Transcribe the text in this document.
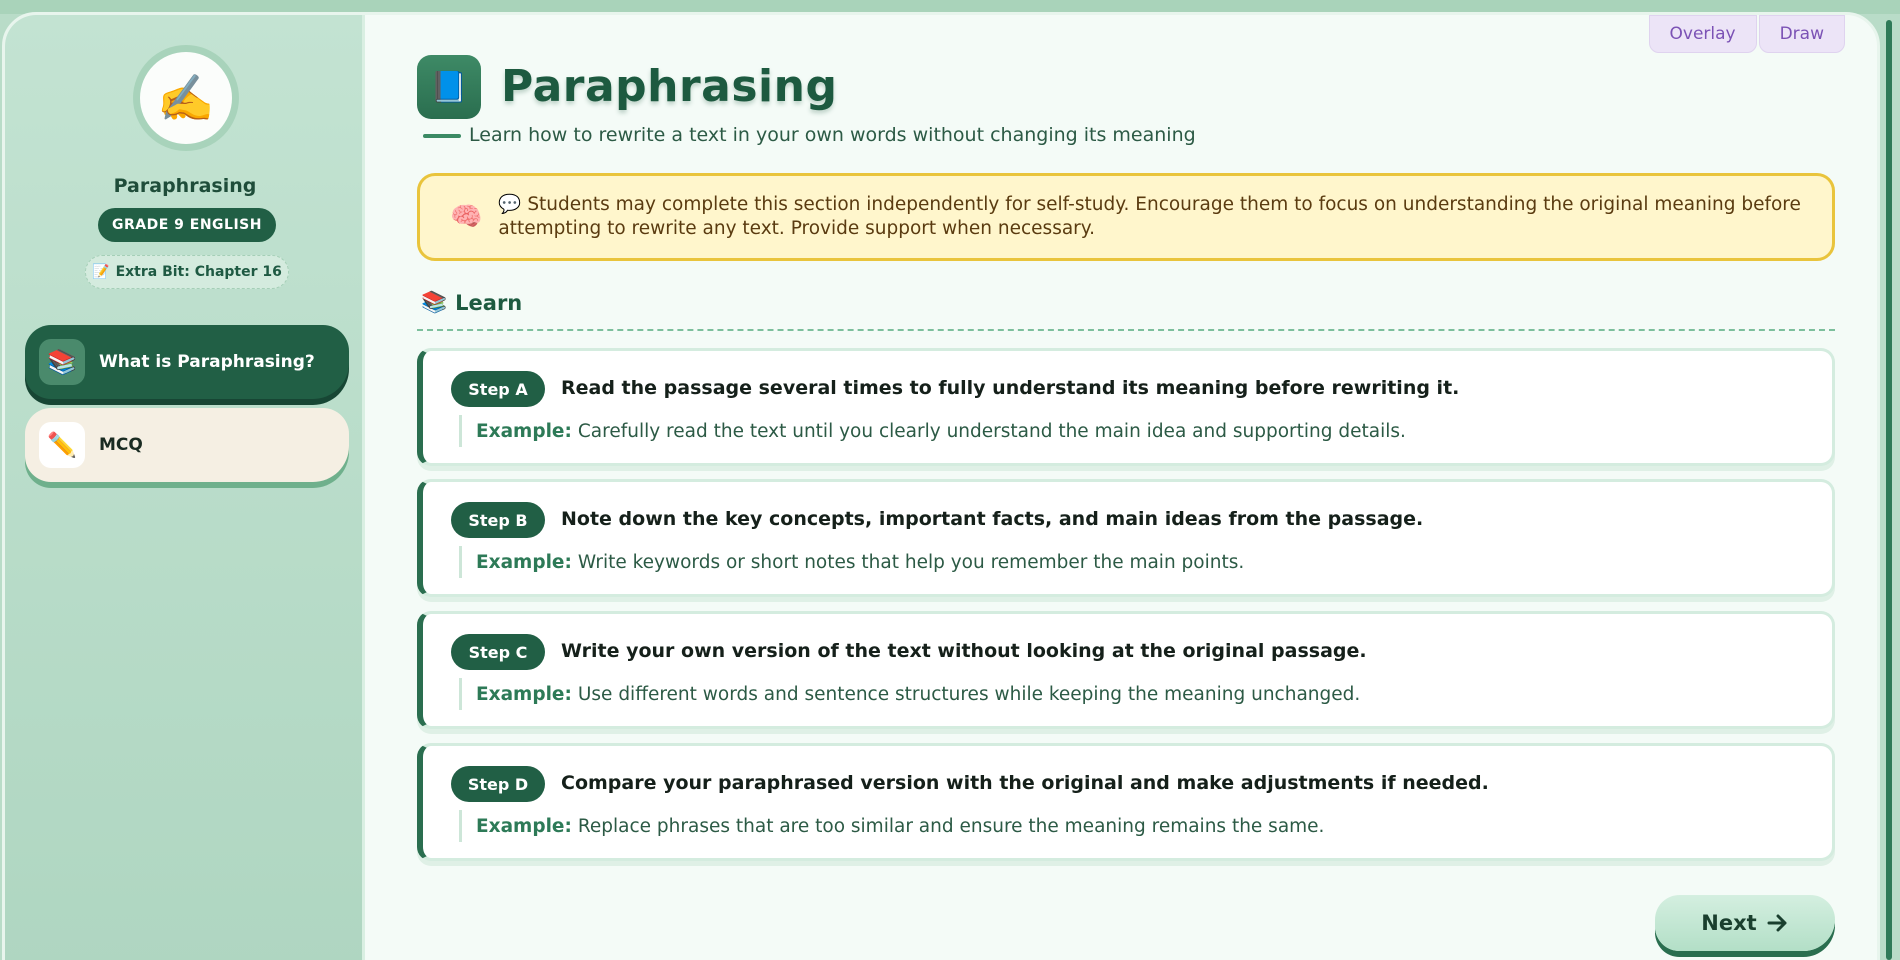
✍️
Paraphrasing
GRADE 9 ENGLISH
📝 Extra Bit: Chapter 16
📚	What is Paraphrasing?
✏️	MCQ
Overlay	Draw
📘 Paraphrasing
Learn how to rewrite a text in your own words without changing its meaning
🧠 💬 Students may complete this section independently for self-study. Encourage them to focus on understanding the original meaning before attempting to rewrite any text. Provide support when necessary.
📚 Learn
Step A	Read the passage several times to fully understand its meaning before rewriting it.
Example: Carefully read the text until you clearly understand the main idea and supporting details.
Step B	Note down the key concepts, important facts, and main ideas from the passage.
Example: Write keywords or short notes that help you remember the main points.
Step C	Write your own version of the text without looking at the original passage.
Example: Use different words and sentence structures while keeping the meaning unchanged.
Step D	Compare your paraphrased version with the original and make adjustments if needed.
Example: Replace phrases that are too similar and ensure the meaning remains the same.
Next
